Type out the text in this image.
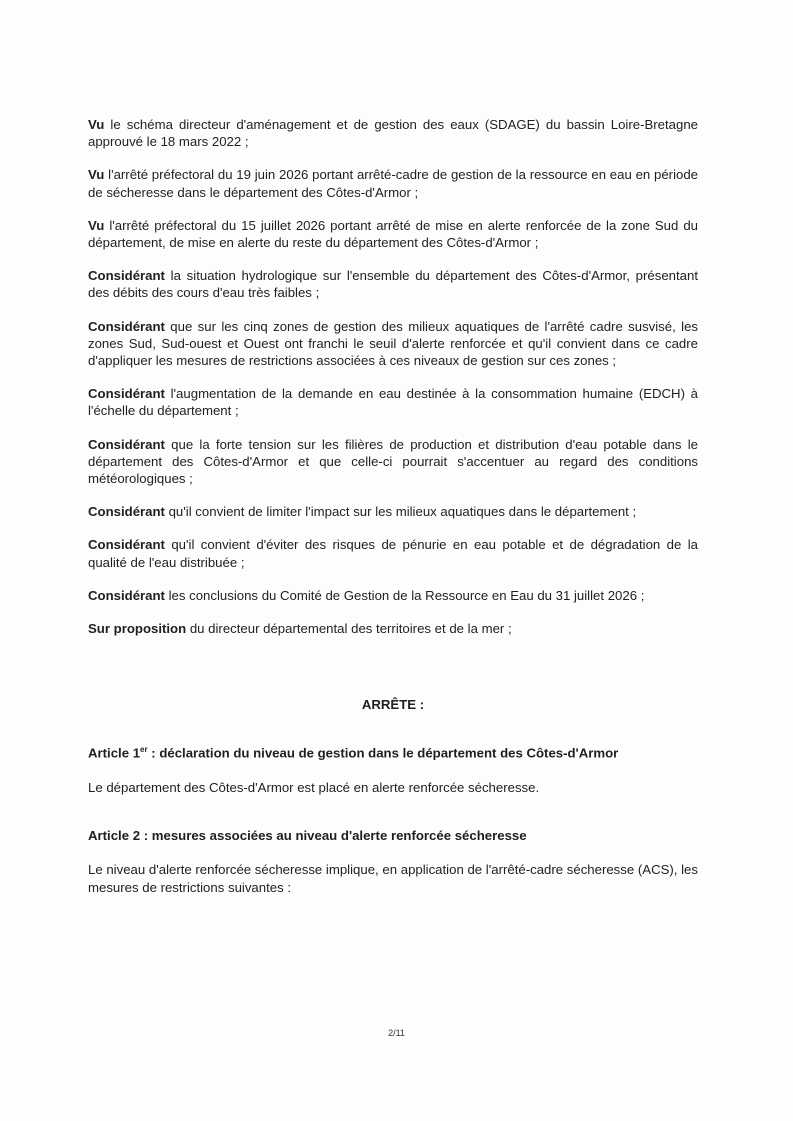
Vu le schéma directeur d'aménagement et de gestion des eaux (SDAGE) du bassin Loire-Bretagne approuvé le 18 mars 2022 ;

Vu l'arrêté préfectoral du 19 juin 2026 portant arrêté-cadre de gestion de la ressource en eau en période de sécheresse dans le département des Côtes-d'Armor ;

Vu l'arrêté préfectoral du 15 juillet 2026 portant arrêté de mise en alerte renforcée de la zone Sud du département, de mise en alerte du reste du département des Côtes-d'Armor ;

Considérant la situation hydrologique sur l'ensemble du département des Côtes-d'Armor, présentant des débits des cours d'eau très faibles ;

Considérant que sur les cinq zones de gestion des milieux aquatiques de l'arrêté cadre susvisé, les zones Sud, Sud-ouest et Ouest ont franchi le seuil d'alerte renforcée et qu'il convient dans ce cadre d'appliquer les mesures de restrictions associées à ces niveaux de gestion sur ces zones ;

Considérant l'augmentation de la demande en eau destinée à la consommation humaine (EDCH) à l'échelle du département ;

Considérant que la forte tension sur les filières de production et distribution d'eau potable dans le département des Côtes-d'Armor et que celle-ci pourrait s'accentuer au regard des conditions météorologiques ;

Considérant qu'il convient de limiter l'impact sur les milieux aquatiques dans le département ;

Considérant qu'il convient d'éviter des risques de pénurie en eau potable et de dégradation de la qualité de l'eau distribuée ;

Considérant les conclusions du Comité de Gestion de la Ressource en Eau du 31 juillet 2026 ;

Sur proposition du directeur départemental des territoires et de la mer ;

ARRÊTE :
Article 1er : déclaration du niveau de gestion dans le département des Côtes-d'Armor
Le département des Côtes-d'Armor est placé en alerte renforcée sécheresse.
Article 2 : mesures associées au niveau d'alerte renforcée sécheresse
Le niveau d'alerte renforcée sécheresse implique, en application de l'arrêté-cadre sécheresse (ACS), les mesures de restrictions suivantes :
2/11
